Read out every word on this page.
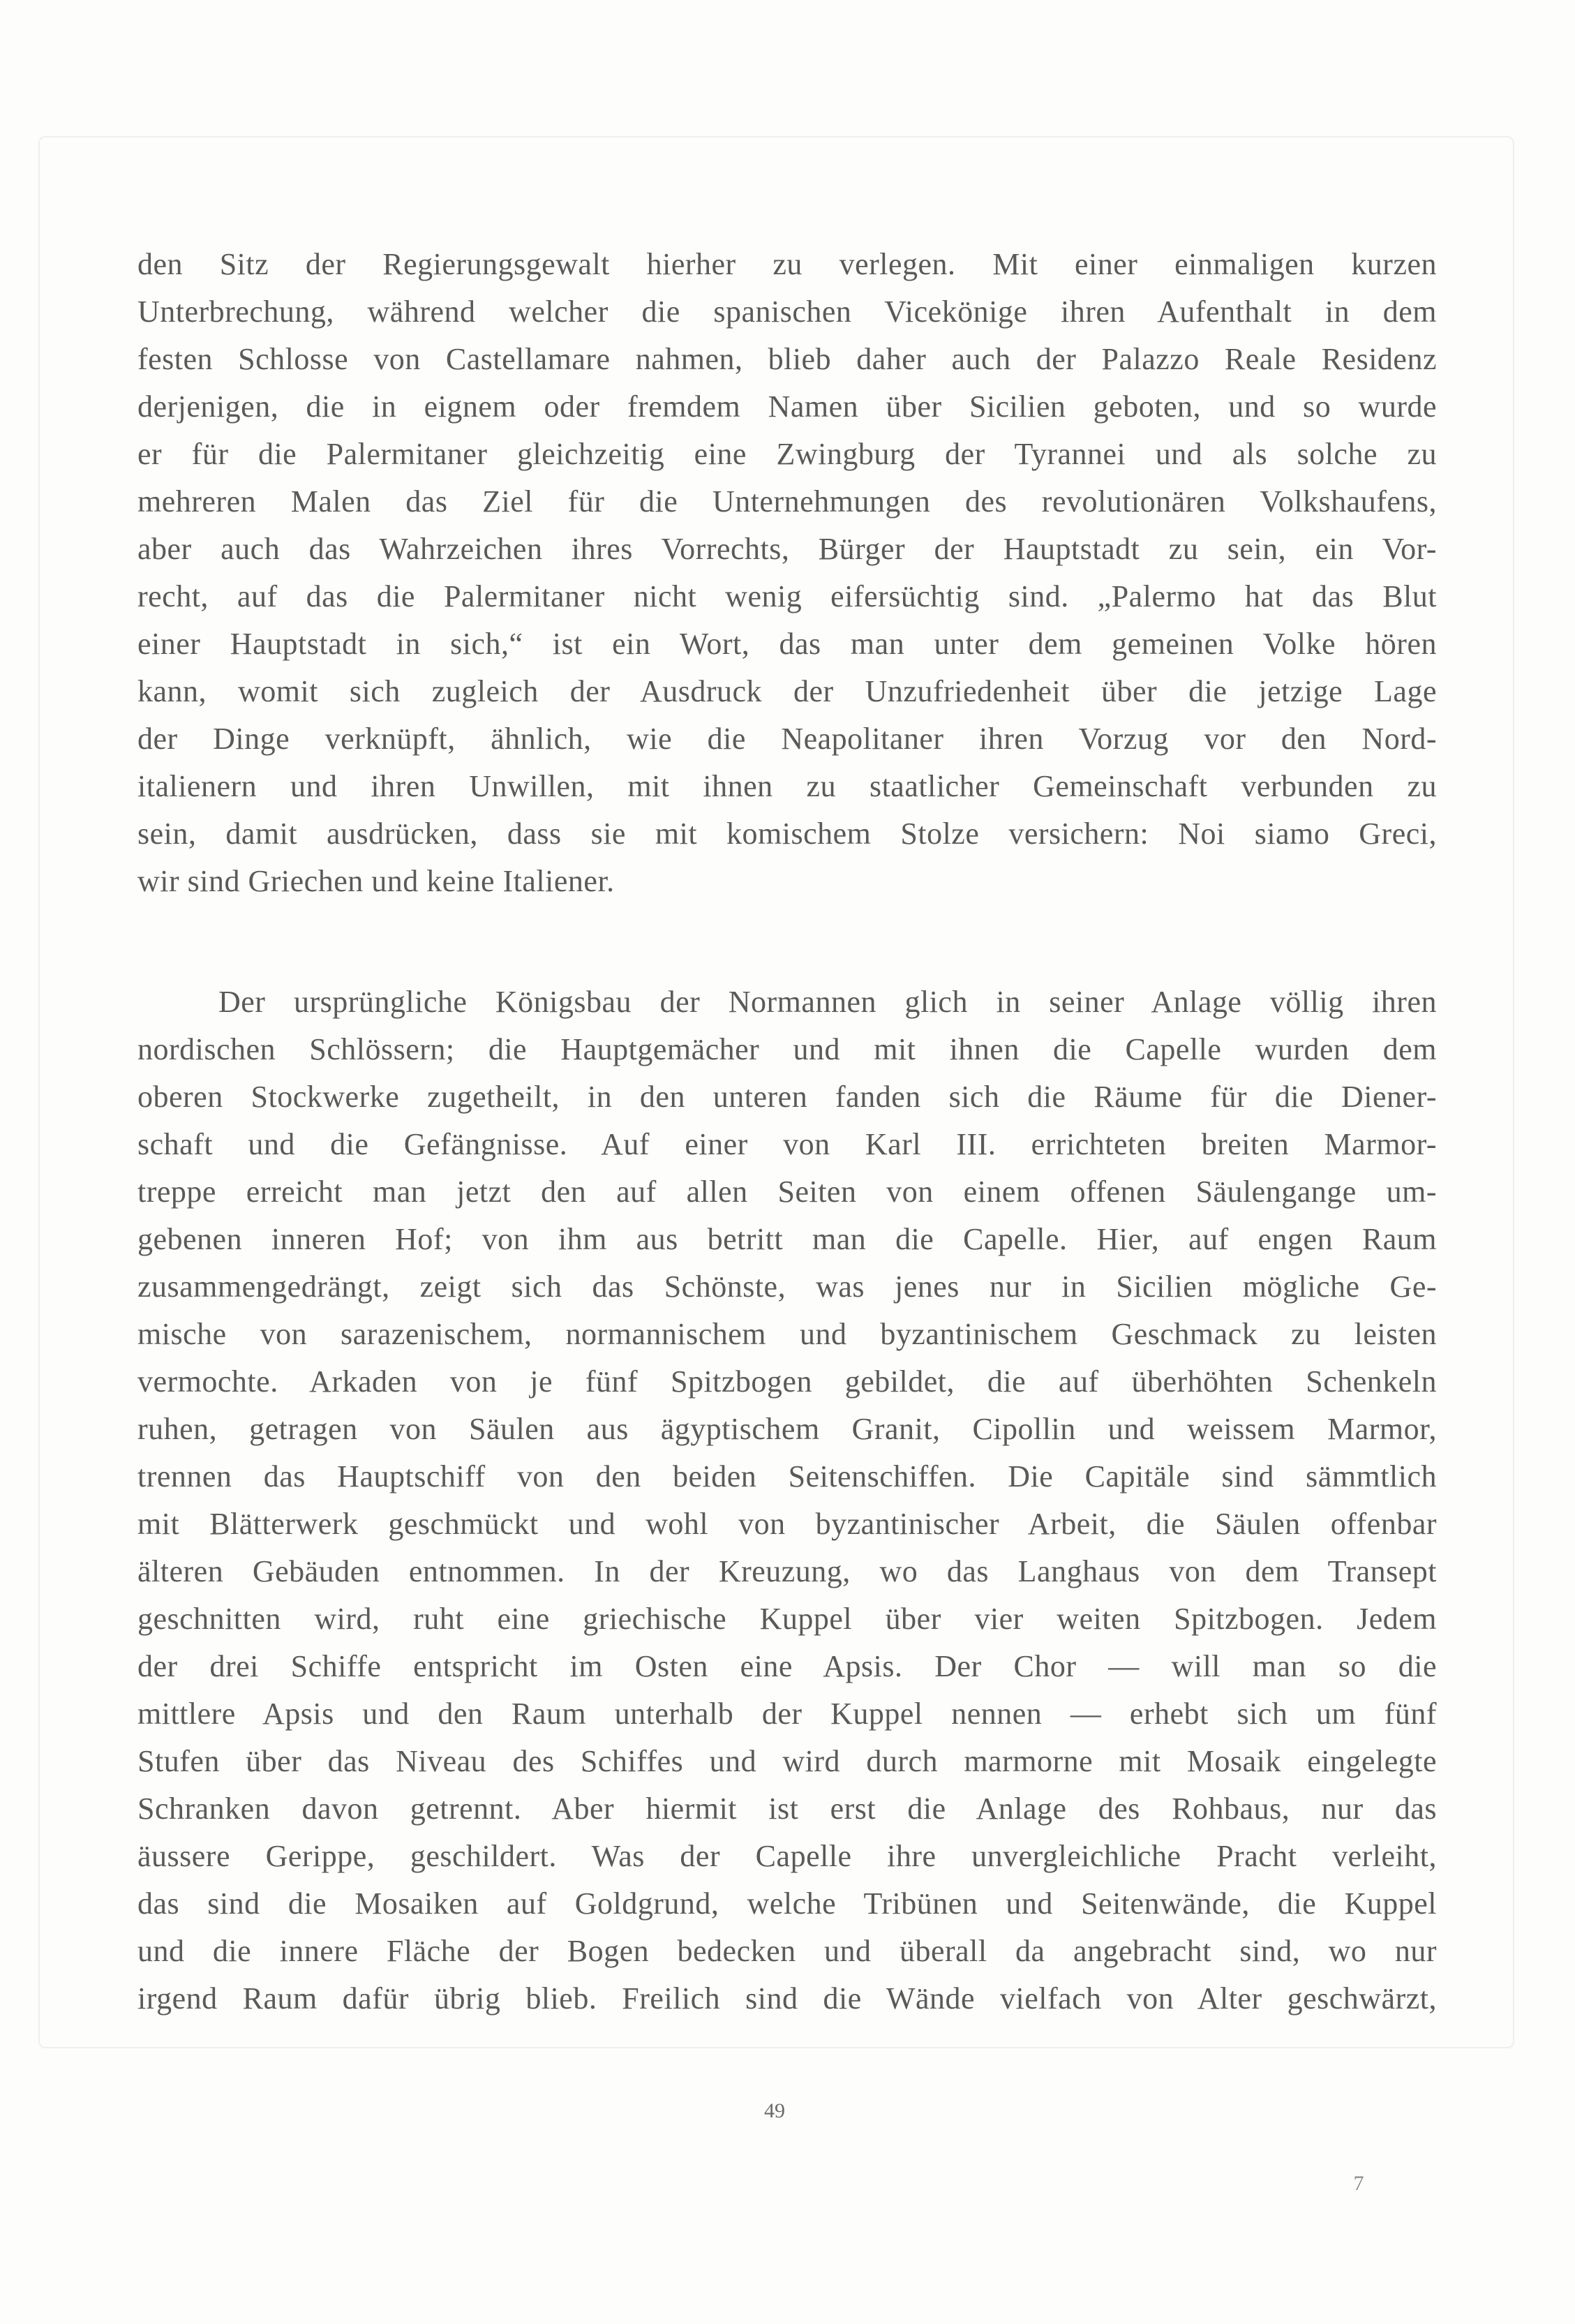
den Sitz der Regierungsgewalt hierher zu verlegen. Mit einer einmaligen kurzen
Unterbrechung, während welcher die spanischen Vicekönige ihren Aufenthalt in dem
festen Schlosse von Castellamare nahmen, blieb daher auch der Palazzo Reale Residenz
derjenigen, die in eignem oder fremdem Namen über Sicilien geboten, und so wurde
er für die Palermitaner gleichzeitig eine Zwingburg der Tyrannei und als solche zu
mehreren Malen das Ziel für die Unternehmungen des revolutionären Volkshaufens,
aber auch das Wahrzeichen ihres Vorrechts, Bürger der Hauptstadt zu sein, ein Vor-
recht, auf das die Palermitaner nicht wenig eifersüchtig sind. „Palermo hat das Blut
einer Hauptstadt in sich,“ ist ein Wort, das man unter dem gemeinen Volke hören
kann, womit sich zugleich der Ausdruck der Unzufriedenheit über die jetzige Lage
der Dinge verknüpft, ähnlich, wie die Neapolitaner ihren Vorzug vor den Nord-
italienern und ihren Unwillen, mit ihnen zu staatlicher Gemeinschaft verbunden zu
sein, damit ausdrücken, dass sie mit komischem Stolze versichern: Noi siamo Greci,
wir sind Griechen und keine Italiener.
Der ursprüngliche Königsbau der Normannen glich in seiner Anlage völlig ihren
nordischen Schlössern; die Hauptgemächer und mit ihnen die Capelle wurden dem
oberen Stockwerke zugetheilt, in den unteren fanden sich die Räume für die Diener-
schaft und die Gefängnisse. Auf einer von Karl III. errichteten breiten Marmor-
treppe erreicht man jetzt den auf allen Seiten von einem offenen Säulengange um-
gebenen inneren Hof; von ihm aus betritt man die Capelle. Hier, auf engen Raum
zusammengedrängt, zeigt sich das Schönste, was jenes nur in Sicilien mögliche Ge-
mische von sarazenischem, normannischem und byzantinischem Geschmack zu leisten
vermochte. Arkaden von je fünf Spitzbogen gebildet, die auf überhöhten Schenkeln
ruhen, getragen von Säulen aus ägyptischem Granit, Cipollin und weissem Marmor,
trennen das Hauptschiff von den beiden Seitenschiffen. Die Capitäle sind sämmtlich
mit Blätterwerk geschmückt und wohl von byzantinischer Arbeit, die Säulen offenbar
älteren Gebäuden entnommen. In der Kreuzung, wo das Langhaus von dem Transept
geschnitten wird, ruht eine griechische Kuppel über vier weiten Spitzbogen. Jedem
der drei Schiffe entspricht im Osten eine Apsis. Der Chor — will man so die
mittlere Apsis und den Raum unterhalb der Kuppel nennen — erhebt sich um fünf
Stufen über das Niveau des Schiffes und wird durch marmorne mit Mosaik eingelegte
Schranken davon getrennt. Aber hiermit ist erst die Anlage des Rohbaus, nur das
äussere Gerippe, geschildert. Was der Capelle ihre unvergleichliche Pracht verleiht,
das sind die Mosaiken auf Goldgrund, welche Tribünen und Seitenwände, die Kuppel
und die innere Fläche der Bogen bedecken und überall da angebracht sind, wo nur
irgend Raum dafür übrig blieb. Freilich sind die Wände vielfach von Alter geschwärzt,
49
7
